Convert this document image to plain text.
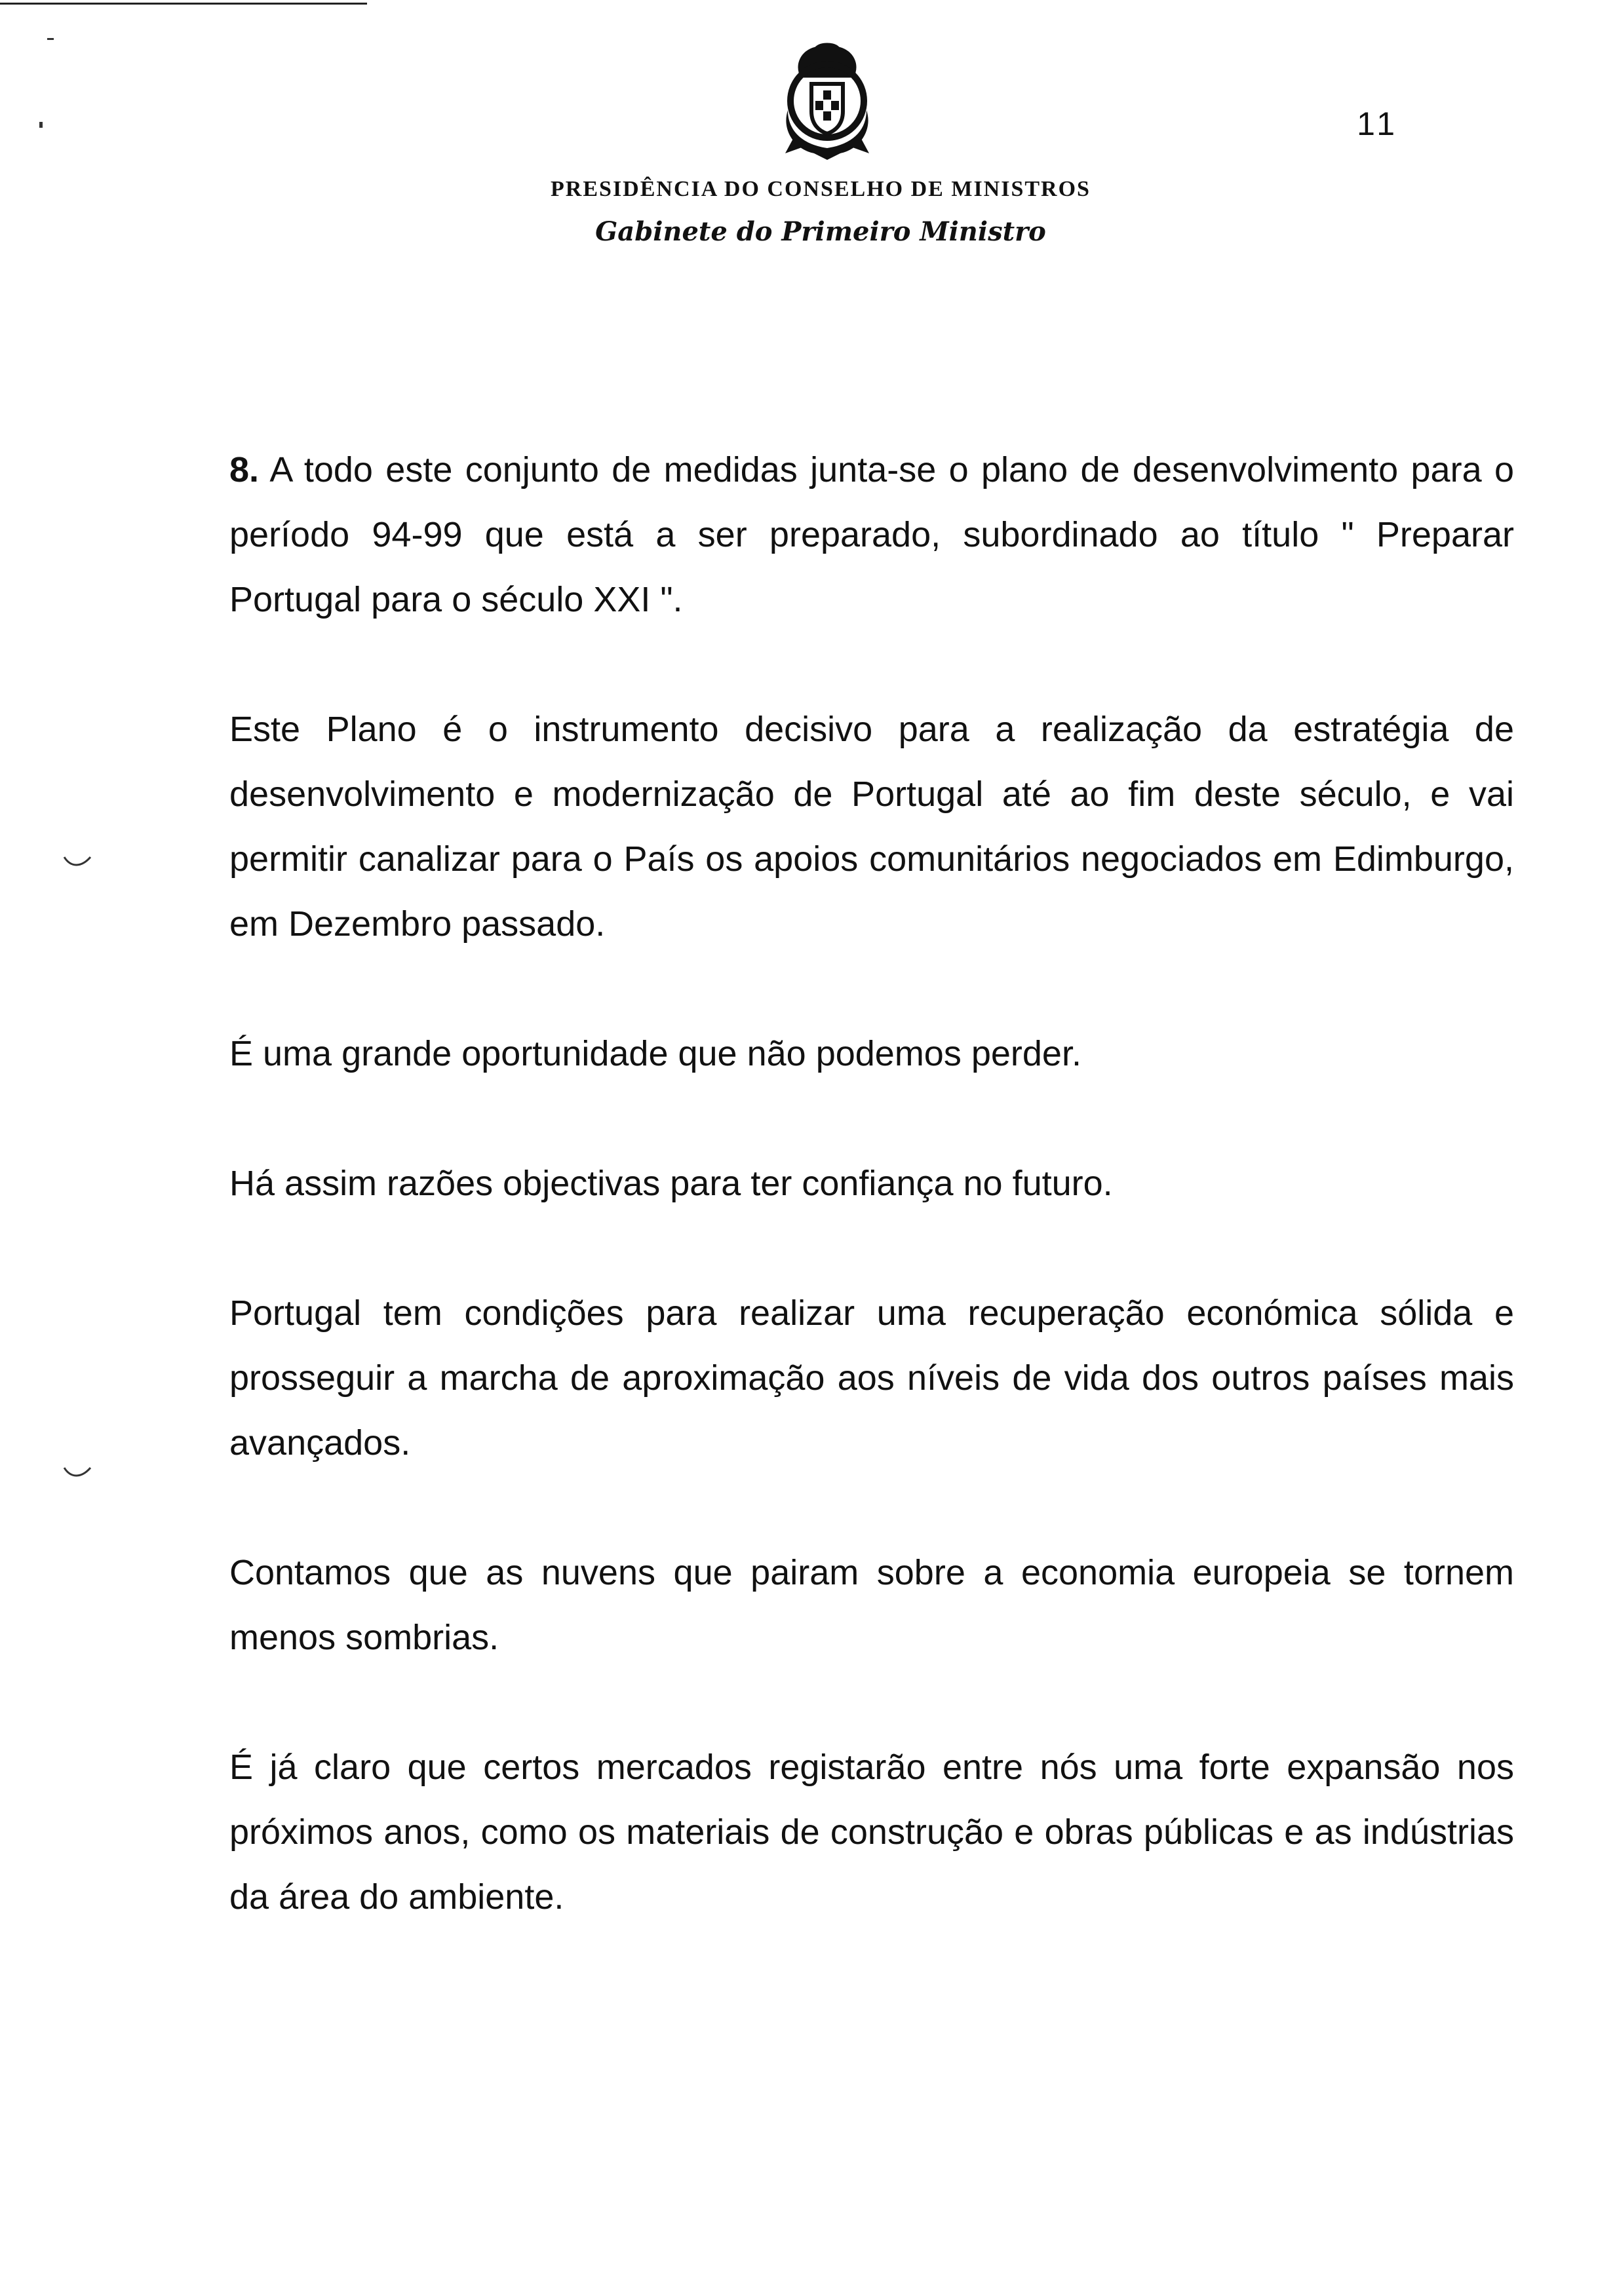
11
PRESIDÊNCIA DO CONSELHO DE MINISTROS
Gabinete do Primeiro Ministro

8. A todo este conjunto de medidas junta-se o plano de desenvolvimento para o período 94-99 que está a ser preparado, subordinado ao título " Preparar Portugal para o século XXI ".

Este Plano é o instrumento decisivo para a realização da estratégia de desenvolvimento e modernização de Portugal até ao fim deste século, e vai permitir canalizar para o País os apoios comunitários negociados em Edimburgo, em Dezembro passado.

É uma grande oportunidade que não podemos perder.

Há assim razões objectivas para ter confiança no futuro.

Portugal tem condições para realizar uma recuperação económica sólida e prosseguir a marcha de aproximação aos níveis de vida dos outros países mais avançados.

Contamos que as nuvens que pairam sobre a economia europeia se tornem menos sombrias.

É já claro que certos mercados registarão entre nós uma forte expansão nos próximos anos, como os materiais de construção e obras públicas e as indústrias da área do ambiente.
